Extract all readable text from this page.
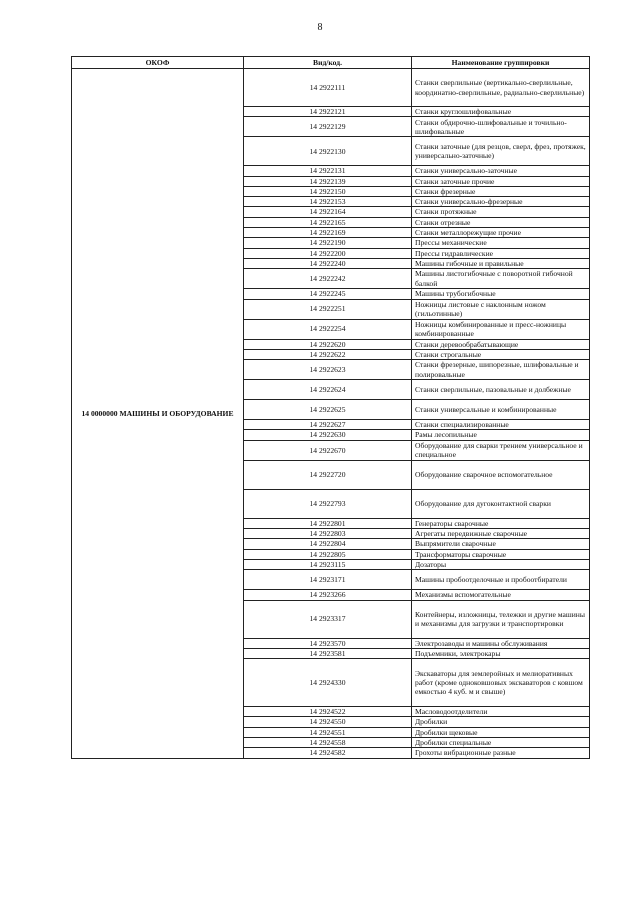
8
ОКОФ	Вид/код.	Наименование группировки
14 0000000 МАШИНЫ И ОБОРУДОВАНИЕ	14 2922111	Станки сверлильные (вертикально-сверлильные, координатно-сверлильные, радиально-сверлильные)
	14 2922121	Станки круглошлифовальные
	14 2922129	Станки обдирочно-шлифовальные и точильно-шлифовальные
	14 2922130	Станки заточные (для резцов, сверл, фрез, протяжек, универсально-заточные)
	14 2922131	Станки универсально-заточные
	14 2922139	Станки заточные прочие
	14 2922150	Станки фрезерные
	14 2922153	Станки универсально-фрезерные
	14 2922164	Станки протяжные
	14 2922165	Станки отрезные
	14 2922169	Станки металлорежущие прочие
	14 2922190	Прессы механические
	14 2922200	Прессы гидравлические
	14 2922240	Машины гибочные и правильные
	14 2922242	Машины листогибочные с поворотной гибочной балкой
	14 2922245	Машины трубогибочные
	14 2922251	Ножницы листовые с наклонным ножом (гильотинные)
	14 2922254	Ножницы комбинированные и пресс-ножницы комбинированные
	14 2922620	Станки деревообрабатывающие
	14 2922622	Станки строгальные
	14 2922623	Станки фрезерные, шипорезные, шлифовальные и полировальные
	14 2922624	Станки сверлильные, пазовальные и долбежные
	14 2922625	Станки универсальные и комбинированные
	14 2922627	Станки специализированные
	14 2922630	Рамы лесопильные
	14 2922670	Оборудование для сварки трением универсальное и специальное
	14 2922720	Оборудование сварочное вспомогательное
	14 2922793	Оборудование для дугоконтактной сварки
	14 2922801	Генераторы сварочные
	14 2922803	Агрегаты передвижные сварочные
	14 2922804	Выпрямители сварочные
	14 2922805	Трансформаторы сварочные
	14 2923115	Дозаторы
	14 2923171	Машины пробоотделочные и пробоотбиратели
	14 2923266	Механизмы вспомогательные
	14 2923317	Контейнеры, изложницы, тележки и другие машины и механизмы для загрузки и транспортировки
	14 2923570	Электрозаводы и машины обслуживания
	14 2923581	Подъемники, электрокары
	14 2924330	Экскаваторы для землеройных и мелиоративных работ (кроме одноковшовых экскаваторов с ковшом емкостью 4 куб. м и свыше)
	14 2924522	Масловодоотделители
	14 2924550	Дробилки
	14 2924551	Дробилки щековые
	14 2924558	Дробилки специальные
	14 2924582	Грохоты вибрационные разные
